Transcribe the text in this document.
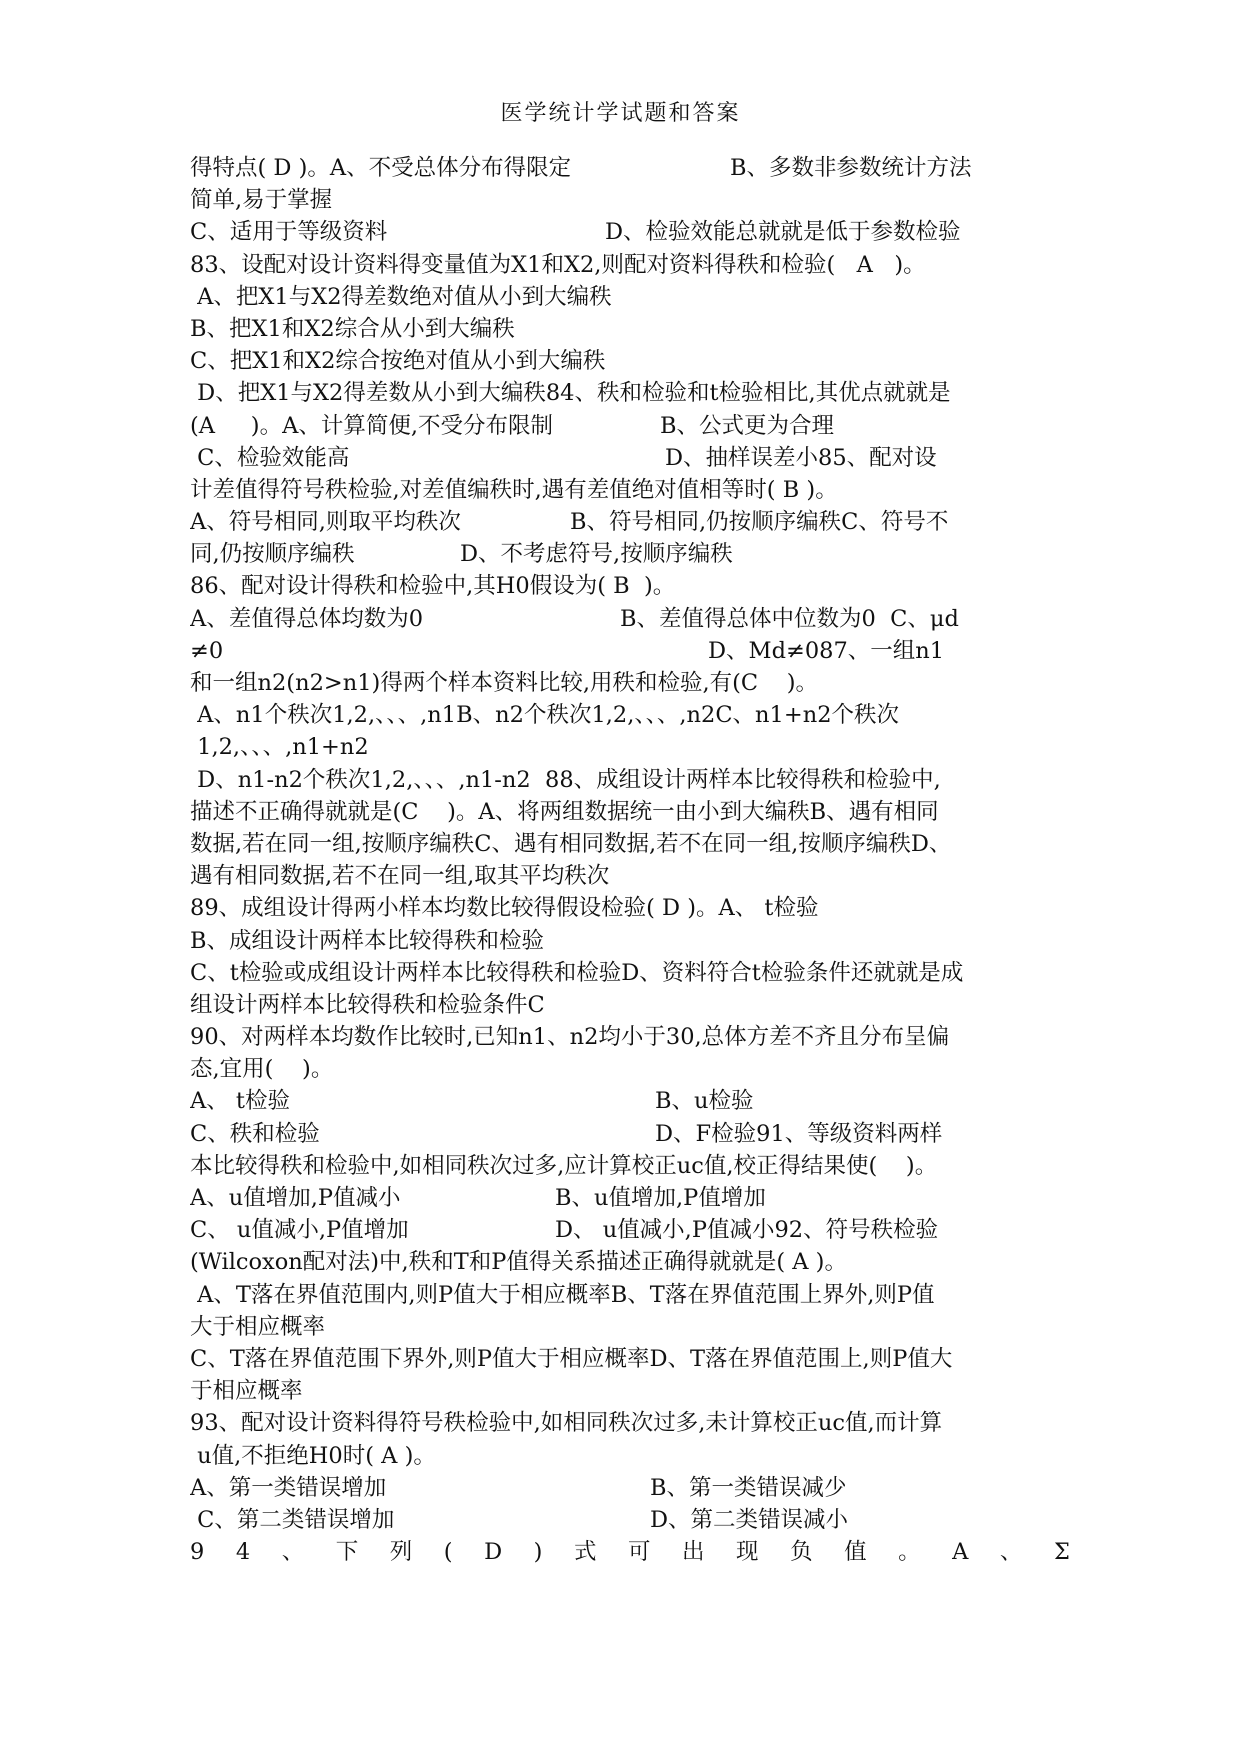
医学统计学试题和答案
得特点( D )。A、不受总体分布得限定	B、多数非参数统计方法
简单,易于掌握
C、适用于等级资料	D、检验效能总就就是低于参数检验
83、设配对设计资料得变量值为X1和X2,则配对资料得秩和检验(   A   )。
A、把X1与X2得差数绝对值从小到大编秩
B、把X1和X2综合从小到大编秩
C、把X1和X2综合按绝对值从小到大编秩
D、把X1与X2得差数从小到大编秩84、秩和检验和t检验相比,其优点就就是
(A     )。A、计算简便,不受分布限制	B、公式更为合理
C、检验效能高	D、抽样误差小85、配对设
计差值得符号秩检验,对差值编秩时,遇有差值绝对值相等时( B )。
A、符号相同,则取平均秩次	B、符号相同,仍按顺序编秩C、符号不
同,仍按顺序编秩	D、不考虑符号,按顺序编秩
86、配对设计得秩和检验中,其H0假设为( B  )。
A、差值得总体均数为0	B、差值得总体中位数为0  C、μd
≠0	D、Md≠087、一组n1
和一组n2(n2>n1)得两个样本资料比较,用秩和检验,有(C    )。
A、n1个秩次1,2,、、、,n1B、n2个秩次1,2,、、、,n2C、n1+n2个秩次
1,2,、、、,n1+n2
D、n1-n2个秩次1,2,、、、,n1-n2  88、成组设计两样本比较得秩和检验中,
描述不正确得就就是(C    )。A、将两组数据统一由小到大编秩B、遇有相同
数据,若在同一组,按顺序编秩C、遇有相同数据,若不在同一组,按顺序编秩D、
遇有相同数据,若不在同一组,取其平均秩次
89、成组设计得两小样本均数比较得假设检验( D )。A、 t检验
B、成组设计两样本比较得秩和检验
C、t检验或成组设计两样本比较得秩和检验D、资料符合t检验条件还就就是成
组设计两样本比较得秩和检验条件C
90、对两样本均数作比较时,已知n1、n2均小于30,总体方差不齐且分布呈偏
态,宜用(    )。
A、 t检验	B、u检验
C、秩和检验	D、F检验91、等级资料两样
本比较得秩和检验中,如相同秩次过多,应计算校正uc值,校正得结果使(    )。
A、u值增加,P值减小	B、u值增加,P值增加
C、 u值减小,P值增加	D、 u值减小,P值减小92、符号秩检验
(Wilcoxon配对法)中,秩和T和P值得关系描述正确得就就是( A )。
A、T落在界值范围内,则P值大于相应概率B、T落在界值范围上界外,则P值
大于相应概率
C、T落在界值范围下界外,则P值大于相应概率D、T落在界值范围上,则P值大
于相应概率
93、配对设计资料得符号秩检验中,如相同秩次过多,未计算校正uc值,而计算
u值,不拒绝H0时( A )。
A、第一类错误增加	B、第一类错误减少
C、第二类错误增加	D、第二类错误减小
9 4 、 下 列 ( D ) 式 可 出 现 负 值 。 A 、 Σ
